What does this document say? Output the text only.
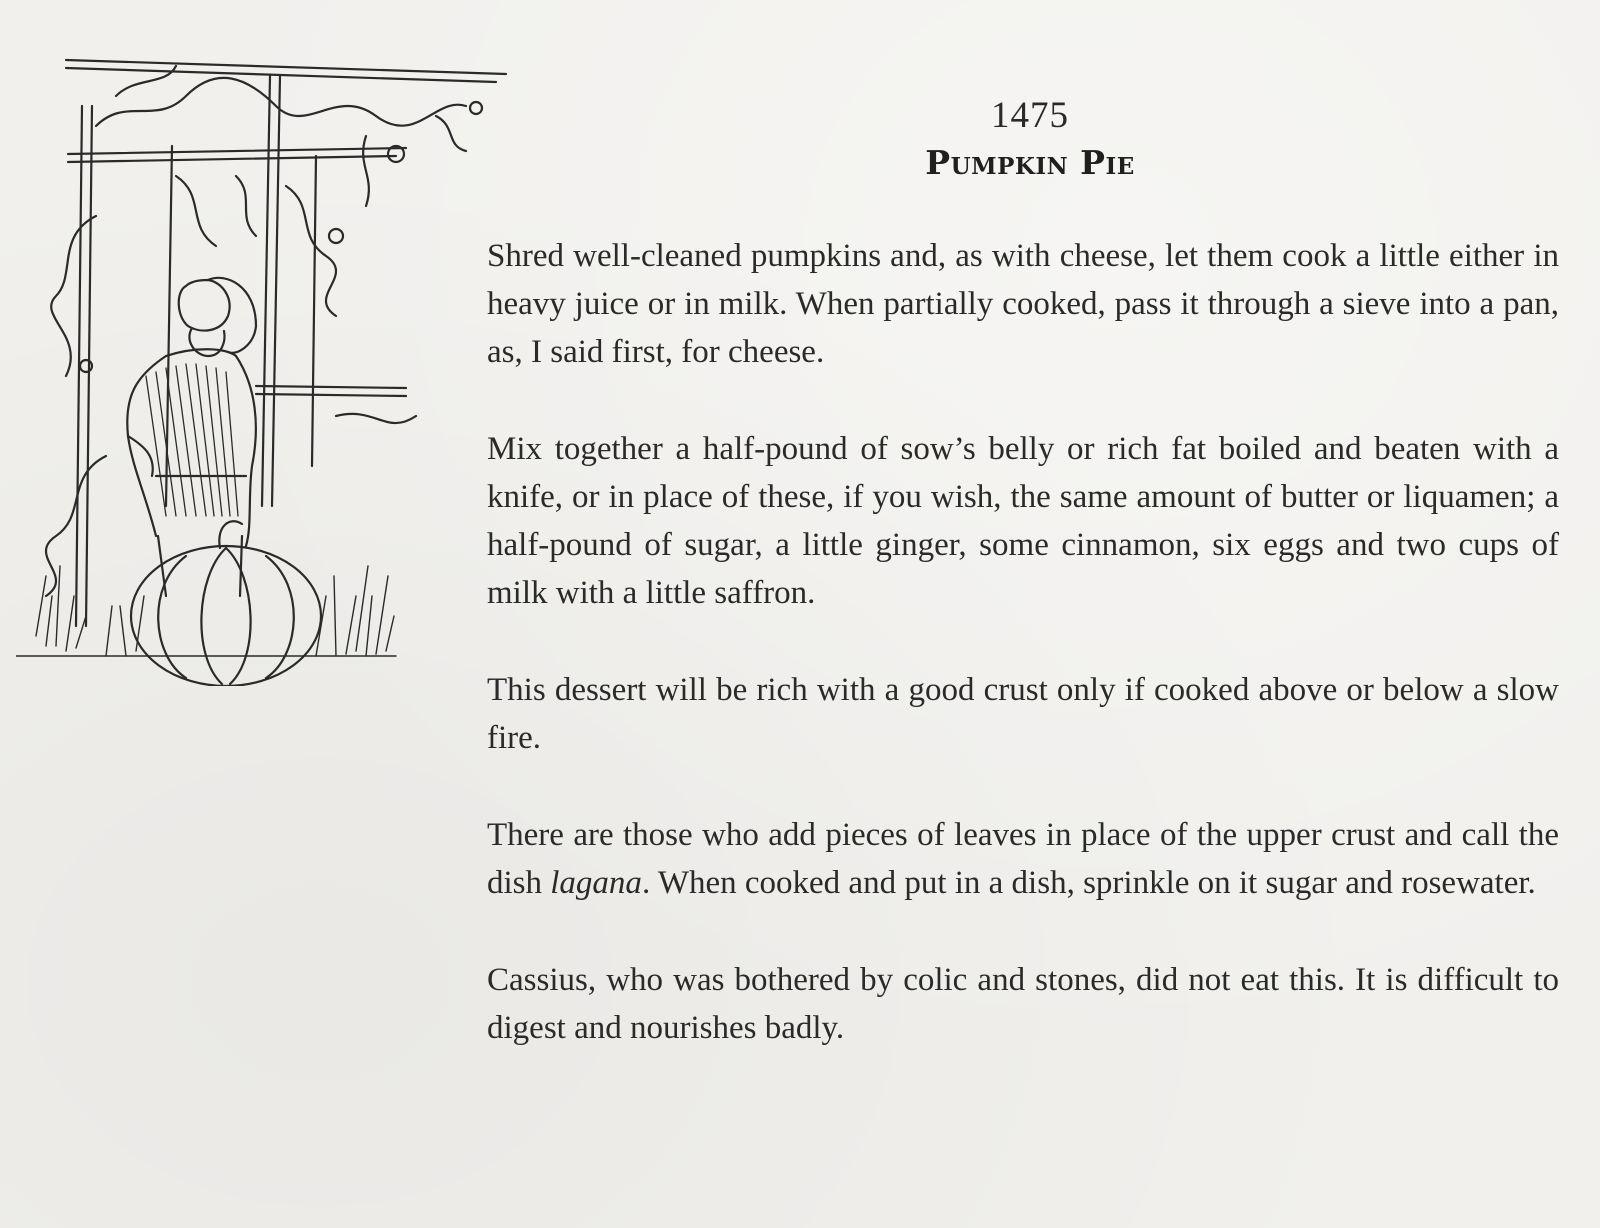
1475
Pumpkin Pie

Shred well-cleaned pumpkins and, as with cheese, let them cook a little either in heavy juice or in milk. When partially cooked, pass it through a sieve into a pan, as, I said first, for cheese.

Mix together a half-pound of sow’s belly or rich fat boiled and beaten with a knife, or in place of these, if you wish, the same amount of butter or liquamen; a half-pound of sugar, a little ginger, some cinnamon, six eggs and two cups of milk with a little saffron.

This dessert will be rich with a good crust only if cooked above or below a slow fire.

There are those who add pieces of leaves in place of the upper crust and call the dish lagana. When cooked and put in a dish, sprinkle on it sugar and rosewater.

Cassius, who was bothered by colic and stones, did not eat this. It is difficult to digest and nourishes badly.
